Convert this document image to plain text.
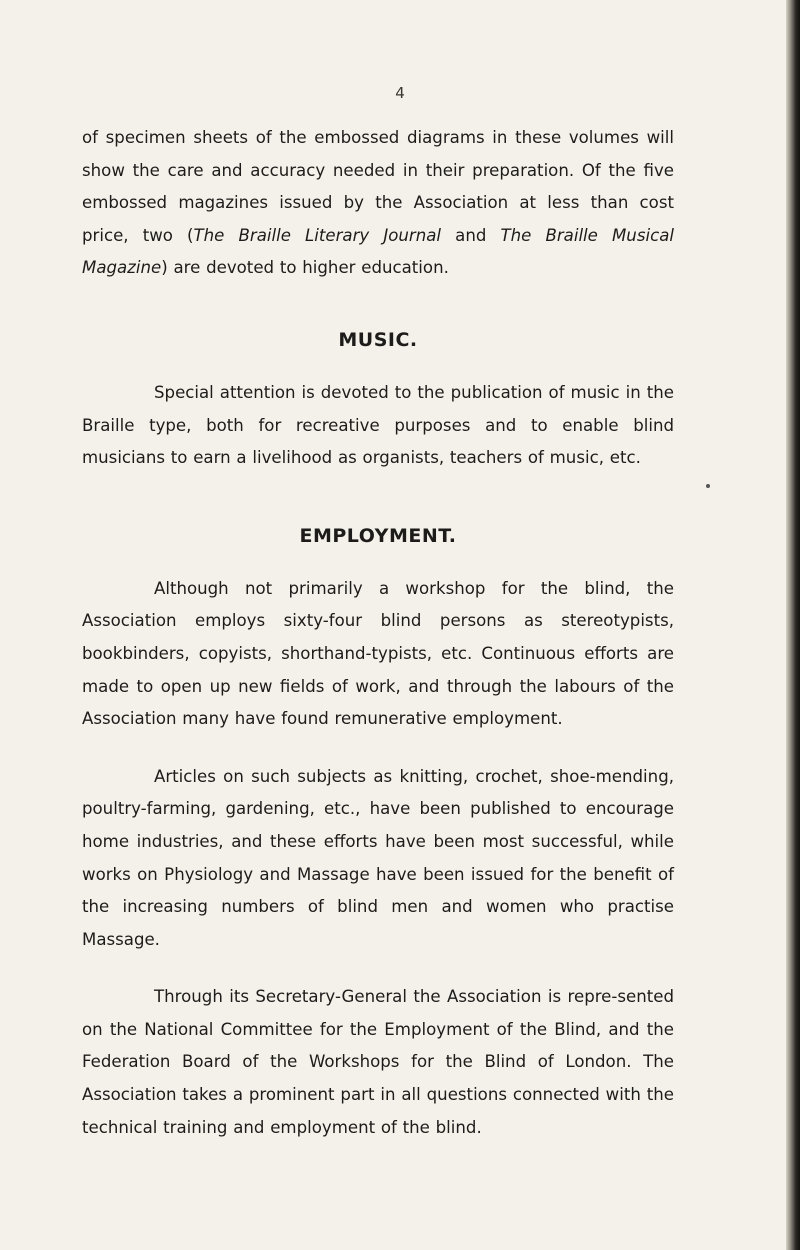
4

of specimen sheets of the embossed diagrams in these volumes will show the care and accuracy needed in their preparation. Of the five embossed magazines issued by the Association at less than cost price, two (The Braille Literary Journal and The Braille Musical Magazine) are devoted to higher education.

MUSIC.

Special attention is devoted to the publication of music in the Braille type, both for recreative purposes and to enable blind musicians to earn a livelihood as organists, teachers of music, etc.

EMPLOYMENT.

Although not primarily a workshop for the blind, the Association employs sixty-four blind persons as stereotypists, bookbinders, copyists, shorthand-typists, etc. Continuous efforts are made to open up new fields of work, and through the labours of the Association many have found remunerative employment.

Articles on such subjects as knitting, crochet, shoe-mending, poultry-farming, gardening, etc., have been published to encourage home industries, and these efforts have been most successful, while works on Physiology and Massage have been issued for the benefit of the increasing numbers of blind men and women who practise Massage.

Through its Secretary-General the Association is repre-sented on the National Committee for the Employment of the Blind, and the Federation Board of the Workshops for the Blind of London. The Association takes a prominent part in all questions connected with the technical training and employment of the blind.
